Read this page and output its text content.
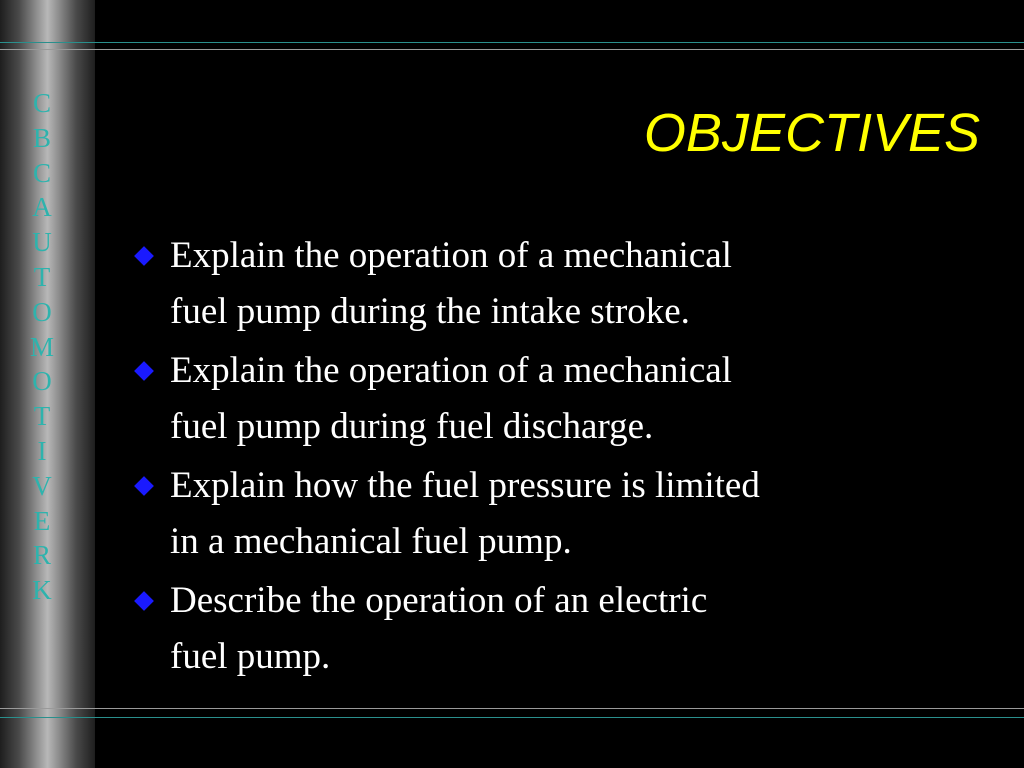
C
B
C
A
U
T
O
M
O
T
I
V
E
R
K
OBJECTIVES
Explain the operation of a mechanical
fuel pump during the intake stroke.
Explain the operation of a mechanical
fuel pump during fuel discharge.
Explain how the fuel pressure is limited
in a mechanical fuel pump.
Describe the operation of an electric
fuel pump.
